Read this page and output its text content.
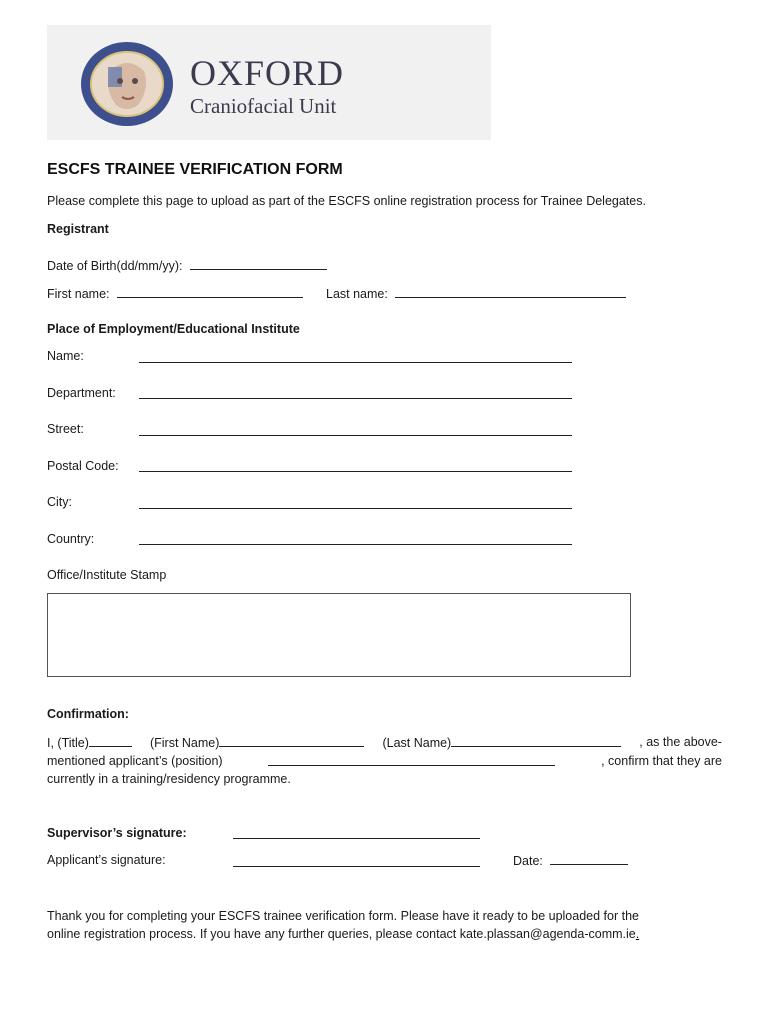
OXFORD
Craniofacial Unit
ESCFS TRAINEE VERIFICATION FORM
Please complete this page to upload as part of the ESCFS online registration process for Trainee Delegates.
Registrant
Date of Birth(dd/mm/yy):
First name:	Last name:
Place of Employment/Educational Institute
Name:
Department:
Street:
Postal Code:
City:
Country:
Office/Institute Stamp
Confirmation:
I, (Title)	(First Name)	(Last Name)	, as the above-
mentioned applicant’s (position)	, confirm that they are
currently in a training/residency programme.
Supervisor’s signature:
Applicant’s signature:	Date:
Thank you for completing your ESCFS trainee verification form. Please have it ready to be uploaded for the
online registration process. If you have any further queries, please contact kate.plassan@agenda-comm.ie.
